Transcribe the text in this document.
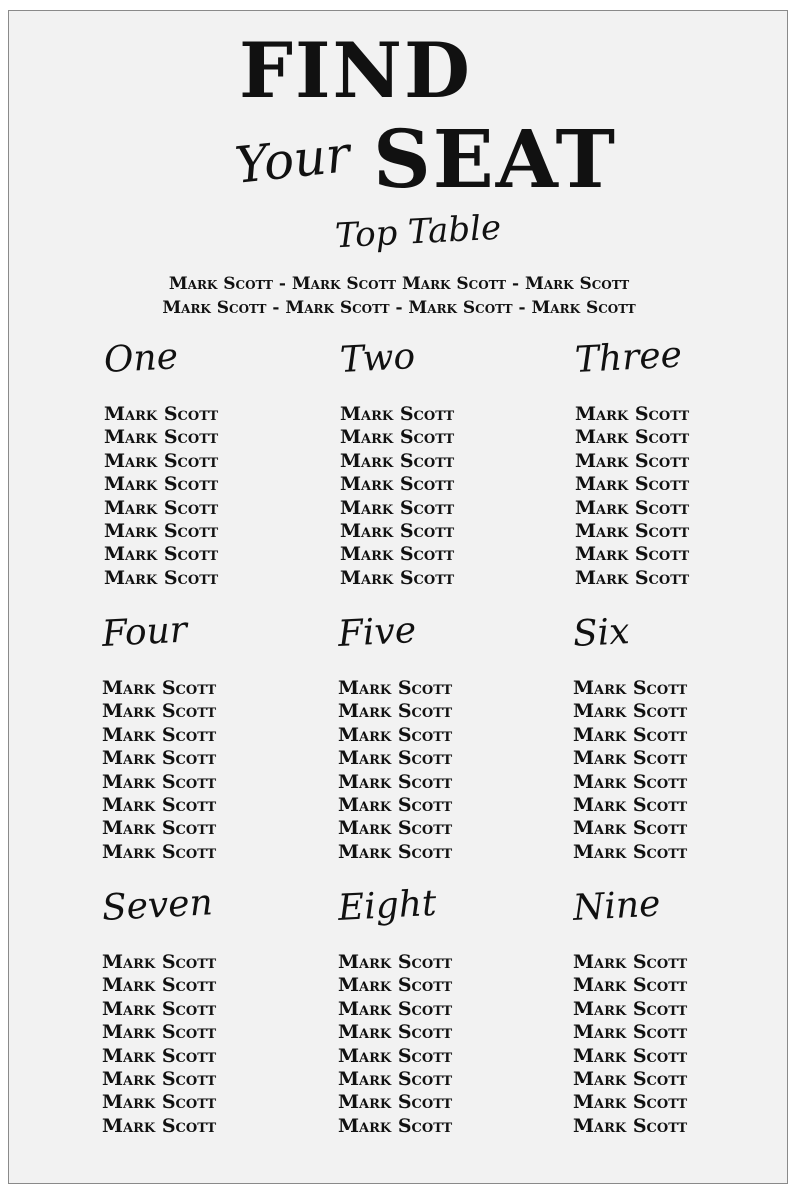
FIND
Your SEAT
Top Table
Mark Scott - Mark Scott Mark Scott - Mark Scott
Mark Scott - Mark Scott - Mark Scott - Mark Scott
One
Mark Scott
Mark Scott
Mark Scott
Mark Scott
Mark Scott
Mark Scott
Mark Scott
Mark Scott
Two
Mark Scott
Mark Scott
Mark Scott
Mark Scott
Mark Scott
Mark Scott
Mark Scott
Mark Scott
Three
Mark Scott
Mark Scott
Mark Scott
Mark Scott
Mark Scott
Mark Scott
Mark Scott
Mark Scott
Four
Mark Scott
Mark Scott
Mark Scott
Mark Scott
Mark Scott
Mark Scott
Mark Scott
Mark Scott
Five
Mark Scott
Mark Scott
Mark Scott
Mark Scott
Mark Scott
Mark Scott
Mark Scott
Mark Scott
Six
Mark Scott
Mark Scott
Mark Scott
Mark Scott
Mark Scott
Mark Scott
Mark Scott
Mark Scott
Seven
Mark Scott
Mark Scott
Mark Scott
Mark Scott
Mark Scott
Mark Scott
Mark Scott
Mark Scott
Eight
Mark Scott
Mark Scott
Mark Scott
Mark Scott
Mark Scott
Mark Scott
Mark Scott
Mark Scott
Nine
Mark Scott
Mark Scott
Mark Scott
Mark Scott
Mark Scott
Mark Scott
Mark Scott
Mark Scott
